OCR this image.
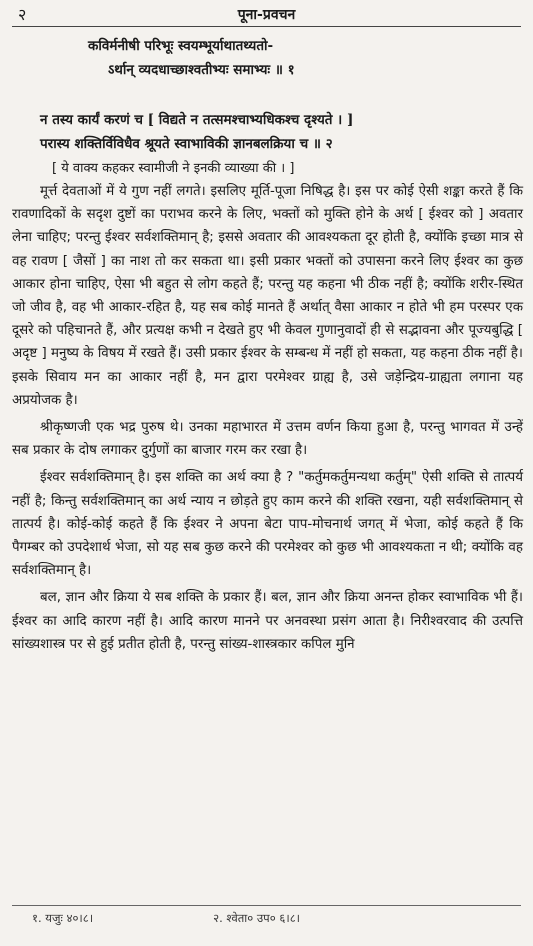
२	पूना-प्रवचन
कविर्मनीषी परिभूः स्वयम्भूर्याथातथ्यतो-
ऽर्थान् व्यदधाच्छाश्वतीभ्यः समाभ्यः ॥ १
न तस्य कार्यं करणं च [ विद्यते न तत्समश्चाभ्यधिकश्च दृश्यते । ]
परास्य शक्तिर्विविधैव श्रूयते स्वाभाविकी ज्ञानबलक्रिया च ॥ २
[ ये वाक्य कहकर स्वामीजी ने इनकी व्याख्या की । ]

मूर्त्त देवताओं में ये गुण नहीं लगते। इसलिए मूर्ति-पूजा निषिद्ध है। इस पर कोई ऐसी शङ्का करते हैं कि रावणादिकों के सदृश दुष्टों का पराभव करने के लिए, भक्तों को मुक्ति होने के अर्थ [ ईश्वर को ] अवतार लेना चाहिए; परन्तु ईश्वर सर्वशक्तिमान् है; इससे अवतार की आवश्यकता दूर होती है, क्योंकि इच्छा मात्र से वह रावण [ जैसों ] का नाश तो कर सकता था। इसी प्रकार भक्तों को उपासना करने लिए ईश्वर का कुछ आकार होना चाहिए, ऐसा भी बहुत से लोग कहते हैं; परन्तु यह कहना भी ठीक नहीं है; क्योंकि शरीर-स्थित जो जीव है, वह भी आकार-रहित है, यह सब कोई मानते हैं अर्थात् वैसा आकार न होते भी हम परस्पर एक दूसरे को पहिचानते हैं, और प्रत्यक्ष कभी न देखते हुए भी केवल गुणानुवादों ही से सद्भावना और पूज्यबुद्धि [ अदृष्ट ] मनुष्य के विषय में रखते हैं। उसी प्रकार ईश्वर के सम्बन्ध में नहीं हो सकता, यह कहना ठीक नहीं है। इसके सिवाय मन का आकार नहीं है, मन द्वारा परमेश्वर ग्राह्य है, उसे जड़ेन्द्रिय-ग्राह्यता लगाना यह अप्रयोजक है।

श्रीकृष्णजी एक भद्र पुरुष थे। उनका महाभारत में उत्तम वर्णन किया हुआ है, परन्तु भागवत में उन्हें सब प्रकार के दोष लगाकर दुर्गुणों का बाजार गरम कर रखा है।

ईश्वर सर्वशक्तिमान् है। इस शक्ति का अर्थ क्या है ? "कर्तुमकर्तुमन्यथा कर्तुम्" ऐसी शक्ति से तात्पर्य नहीं है; किन्तु सर्वशक्तिमान् का अर्थ न्याय न छोड़ते हुए काम करने की शक्ति रखना, यही सर्वशक्तिमान् से तात्पर्य है। कोई-कोई कहते हैं कि ईश्वर ने अपना बेटा पाप-मोचनार्थ जगत् में भेजा, कोई कहते हैं कि पैगम्बर को उपदेशार्थ भेजा, सो यह सब कुछ करने की परमेश्वर को कुछ भी आवश्यकता न थी; क्योंकि वह सर्वशक्तिमान् है।

बल, ज्ञान और क्रिया ये सब शक्ति के प्रकार हैं। बल, ज्ञान और क्रिया अनन्त होकर स्वाभाविक भी हैं। ईश्वर का आदि कारण नहीं है। आदि कारण मानने पर अनवस्था प्रसंग आता है। निरीश्वरवाद की उत्पत्ति सांख्यशास्त्र पर से हुई प्रतीत होती है, परन्तु सांख्य-शास्त्रकार कपिल मुनि

१. यजुः ४०।८।	२. श्वेता० उप० ६।८।
